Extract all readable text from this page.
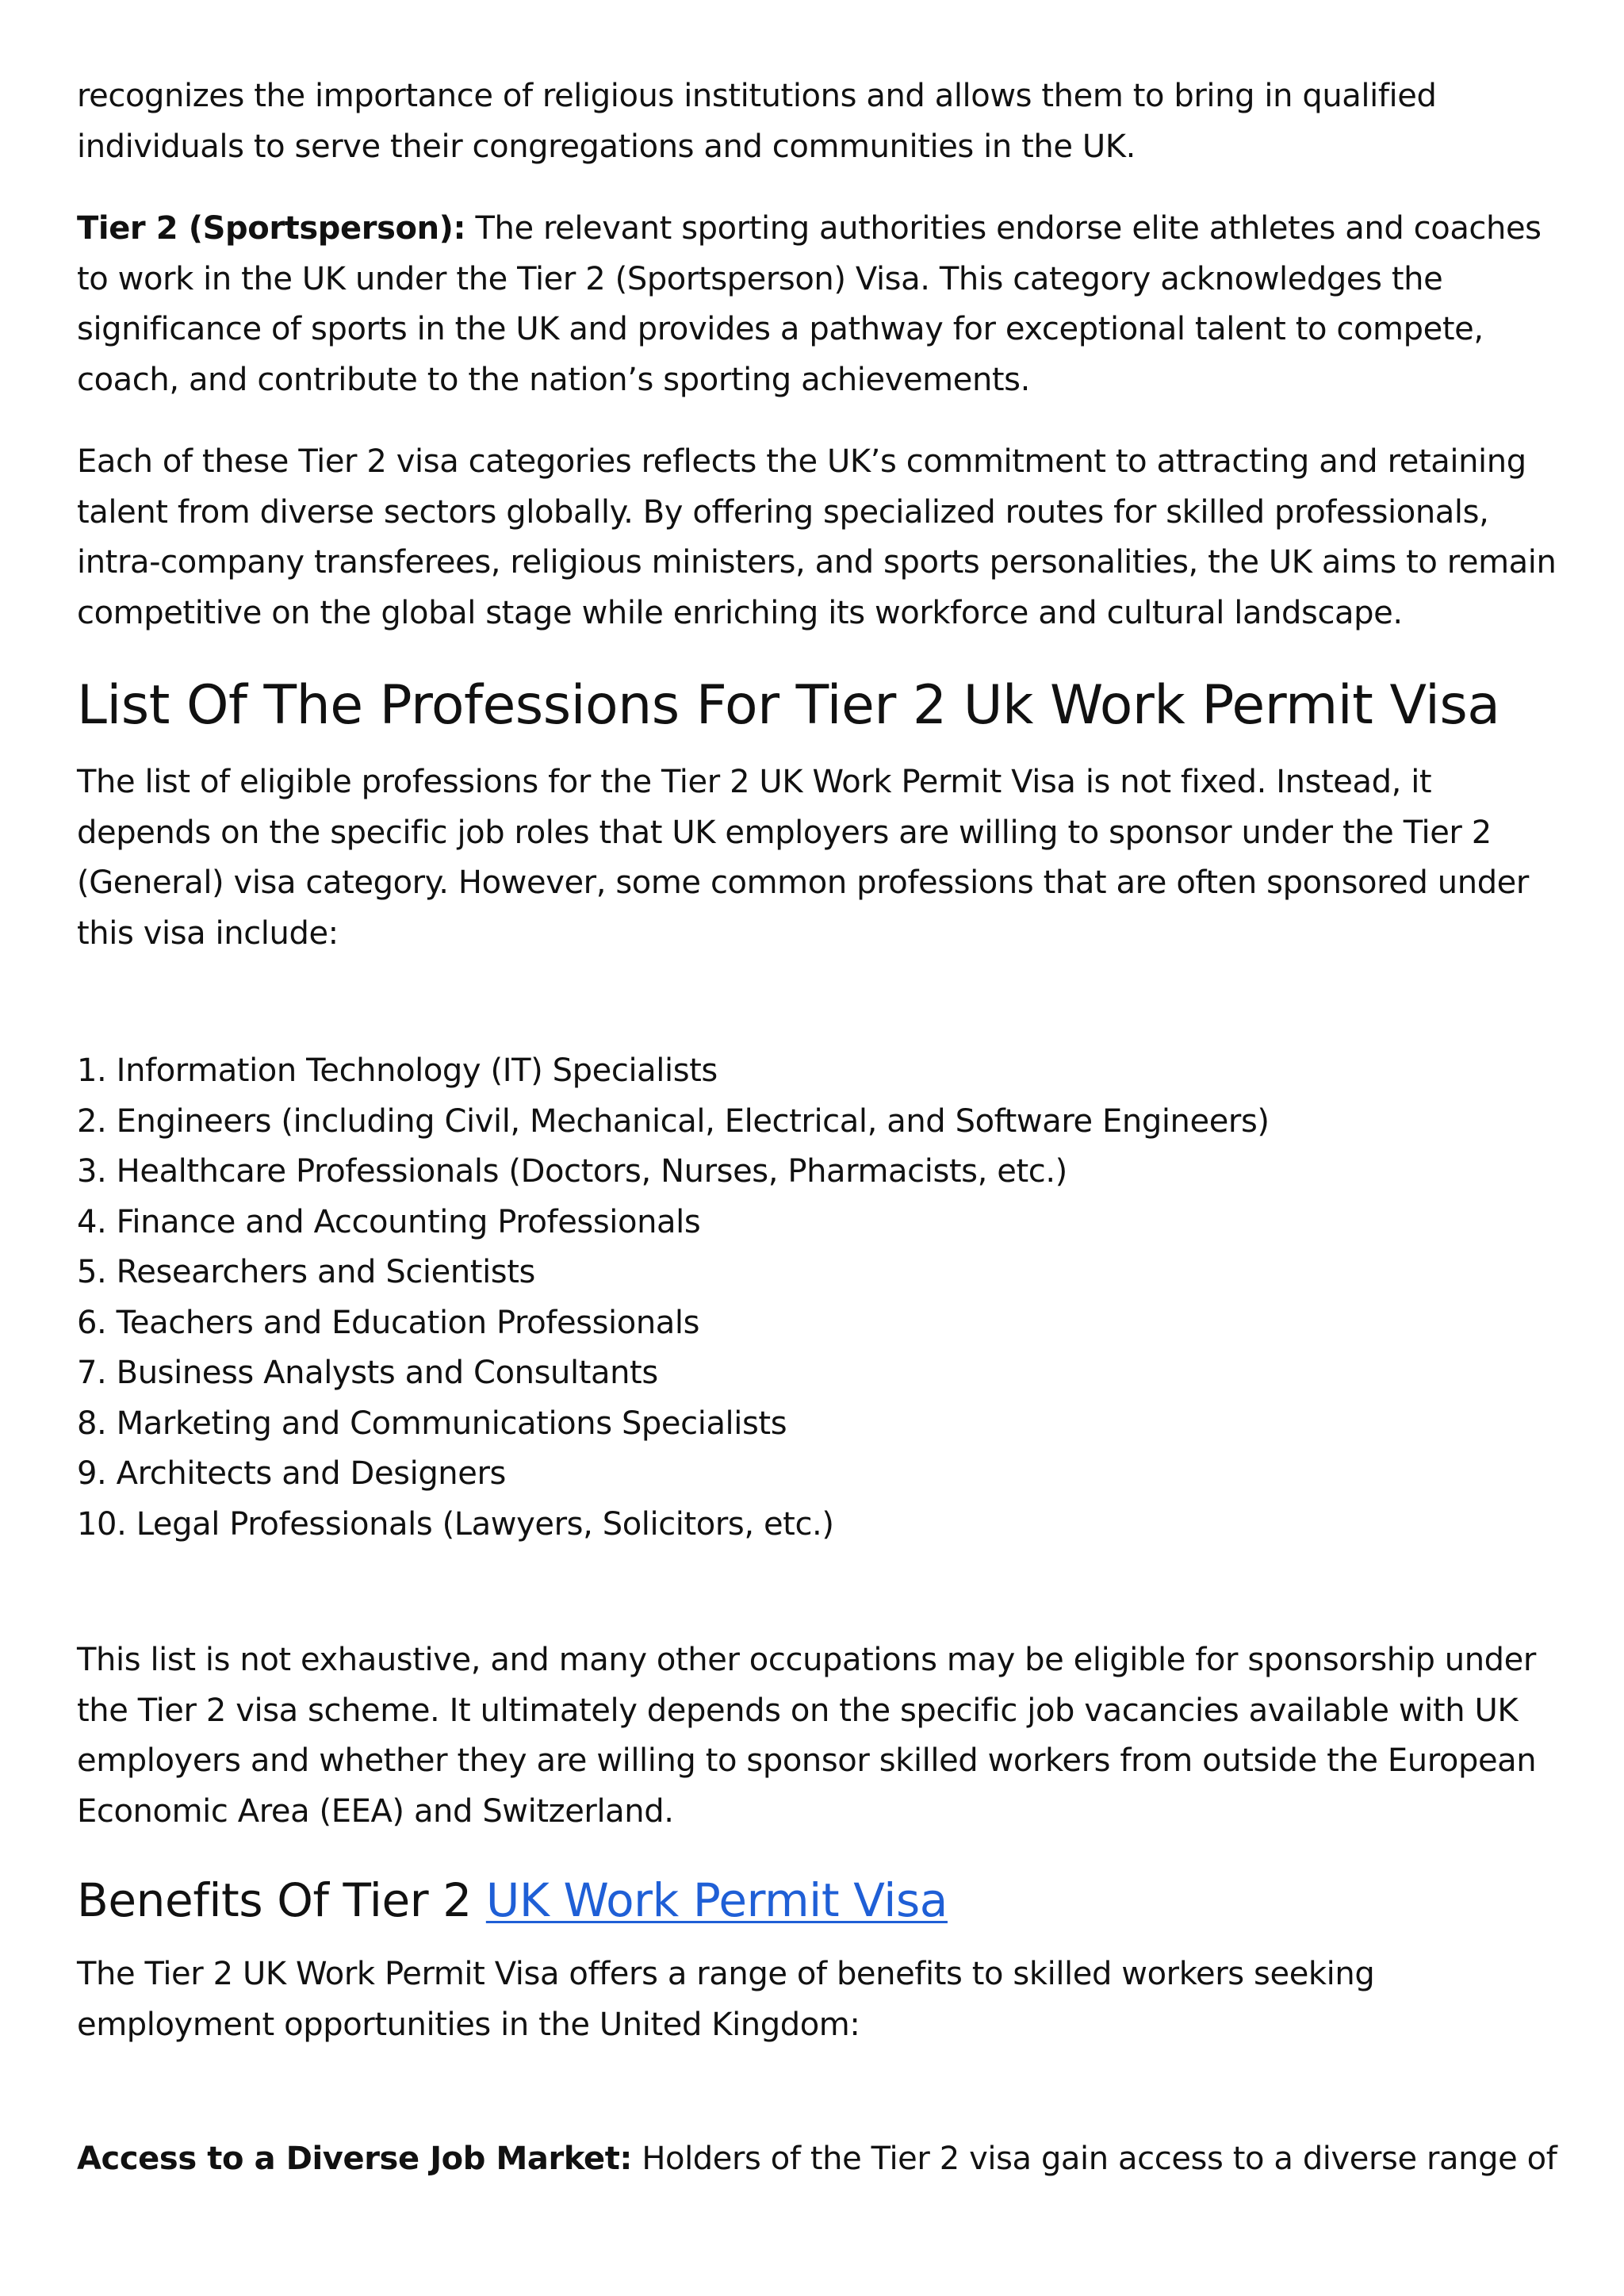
recognizes the importance of religious institutions and allows them to bring in qualified individuals to serve their congregations and communities in the UK.

Tier 2 (Sportsperson): The relevant sporting authorities endorse elite athletes and coaches to work in the UK under the Tier 2 (Sportsperson) Visa. This category acknowledges the significance of sports in the UK and provides a pathway for exceptional talent to compete, coach, and contribute to the nation’s sporting achievements.

Each of these Tier 2 visa categories reflects the UK’s commitment to attracting and retaining talent from diverse sectors globally. By offering specialized routes for skilled professionals, intra-company transferees, religious ministers, and sports personalities, the UK aims to remain competitive on the global stage while enriching its workforce and cultural landscape.

List Of The Professions For Tier 2 Uk Work Permit Visa

The list of eligible professions for the Tier 2 UK Work Permit Visa is not fixed. Instead, it depends on the specific job roles that UK employers are willing to sponsor under the Tier 2 (General) visa category. However, some common professions that are often sponsored under this visa include:

1. Information Technology (IT) Specialists
2. Engineers (including Civil, Mechanical, Electrical, and Software Engineers)
3. Healthcare Professionals (Doctors, Nurses, Pharmacists, etc.)
4. Finance and Accounting Professionals
5. Researchers and Scientists
6. Teachers and Education Professionals
7. Business Analysts and Consultants
8. Marketing and Communications Specialists
9. Architects and Designers
10. Legal Professionals (Lawyers, Solicitors, etc.)

This list is not exhaustive, and many other occupations may be eligible for sponsorship under the Tier 2 visa scheme. It ultimately depends on the specific job vacancies available with UK employers and whether they are willing to sponsor skilled workers from outside the European Economic Area (EEA) and Switzerland.

Benefits Of Tier 2 UK Work Permit Visa

The Tier 2 UK Work Permit Visa offers a range of benefits to skilled workers seeking employment opportunities in the United Kingdom:

Access to a Diverse Job Market: Holders of the Tier 2 visa gain access to a diverse range of
